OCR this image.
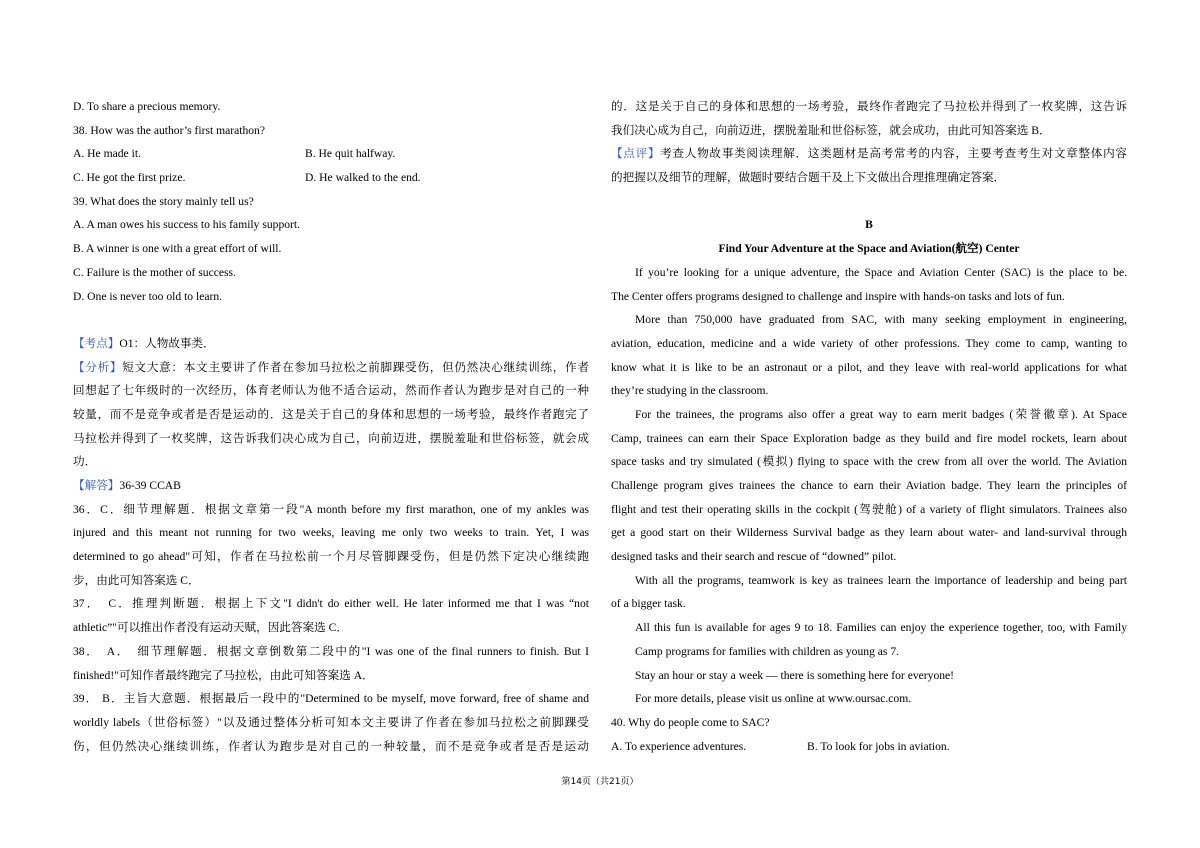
D. To share a precious memory.
38. How was the author’s first marathon?
A. He made it.	B. He quit halfway.
C. He got the first prize.	D. He walked to the end.
39. What does the story mainly tell us?
A. A man owes his success to his family support.
B. A winner is one with a great effort of will.
C. Failure is the mother of success.
D. One is never too old to learn.
【考点】O1：人物故事类．
【分析】短文大意：本文主要讲了作者在参加马拉松之前脚踝受伤，但仍然决心继续训练，作者
回想起了七年级时的一次经历，体育老师认为他不适合运动，然而作者认为跑步是对自己的一种
较量，而不是竞争或者是否是运动的．这是关于自己的身体和思想的一场考验，最终作者跑完了
马拉松并得到了一枚奖牌，这告诉我们决心成为自己，向前迈进，摆脱羞耻和世俗标签，就会成
功．
【解答】36-39 CCAB
36．C．细节理解题．根据文章第一段"A month before my first marathon, one of my ankles was
injured and this meant not running for two weeks, leaving me only two weeks to train. Yet, I was
determined to go ahead"可知，作者在马拉松前一个月尽管脚踝受伤，但是仍然下定决心继续跑
步，由此可知答案选 C．
37．　C．推理判断题．根据上下文"I didn't do either well. He later informed me that I was “not
athletic”"可以推出作者没有运动天赋，因此答案选 C．
38．　A．　细节理解题．根据文章倒数第二段中的"I was one of the final runners to finish. But I
finished!"可知作者最终跑完了马拉松，由此可知答案选 A．
39． B．主旨大意题．根据最后一段中的"Determined to be myself, move forward, free of shame and
worldly labels（世俗标签）"以及通过整体分析可知本文主要讲了作者在参加马拉松之前脚踝受
伤，但仍然决心继续训练，作者认为跑步是对自己的一种较量，而不是竞争或者是否是运动
的．这是关于自己的身体和思想的一场考验，最终作者跑完了马拉松并得到了一枚奖牌，这告诉
我们决心成为自己，向前迈进，摆脱羞耻和世俗标签，就会成功，由此可知答案选 B．
【点评】考查人物故事类阅读理解．这类题材是高考常考的内容，主要考查考生对文章整体内容
的把握以及细节的理解，做题时要结合题干及上下文做出合理推理确定答案．
B
Find Your Adventure at the Space and Aviation(航空) Center
If you’re looking for a unique adventure, the Space and Aviation Center (SAC) is the place to be.
The Center offers programs designed to challenge and inspire with hands-on tasks and lots of fun.
More than 750,000 have graduated from SAC, with many seeking employment in engineering,
aviation, education, medicine and a wide variety of other professions. They come to camp, wanting to
know what it is like to be an astronaut or a pilot, and they leave with real-world applications for what
they’re studying in the classroom.
For the trainees, the programs also offer a great way to earn merit badges (荣誉徽章). At Space
Camp, trainees can earn their Space Exploration badge as they build and fire model rockets, learn about
space tasks and try simulated (模拟) flying to space with the crew from all over the world. The Aviation
Challenge program gives trainees the chance to earn their Aviation badge. They learn the principles of
flight and test their operating skills in the cockpit (驾驶舱) of a variety of flight simulators. Trainees also
get a good start on their Wilderness Survival badge as they learn about water- and land-survival through
designed tasks and their search and rescue of “downed” pilot.
With all the programs, teamwork is key as trainees learn the importance of leadership and being part
of a bigger task.
All this fun is available for ages 9 to 18. Families can enjoy the experience together, too, with Family
Camp programs for families with children as young as 7.
Stay an hour or stay a week — there is something here for everyone!
For more details, please visit us online at www.oursac.com.
40. Why do people come to SAC?
A. To experience adventures.	B. To look for jobs in aviation.
第14页（共21页）
